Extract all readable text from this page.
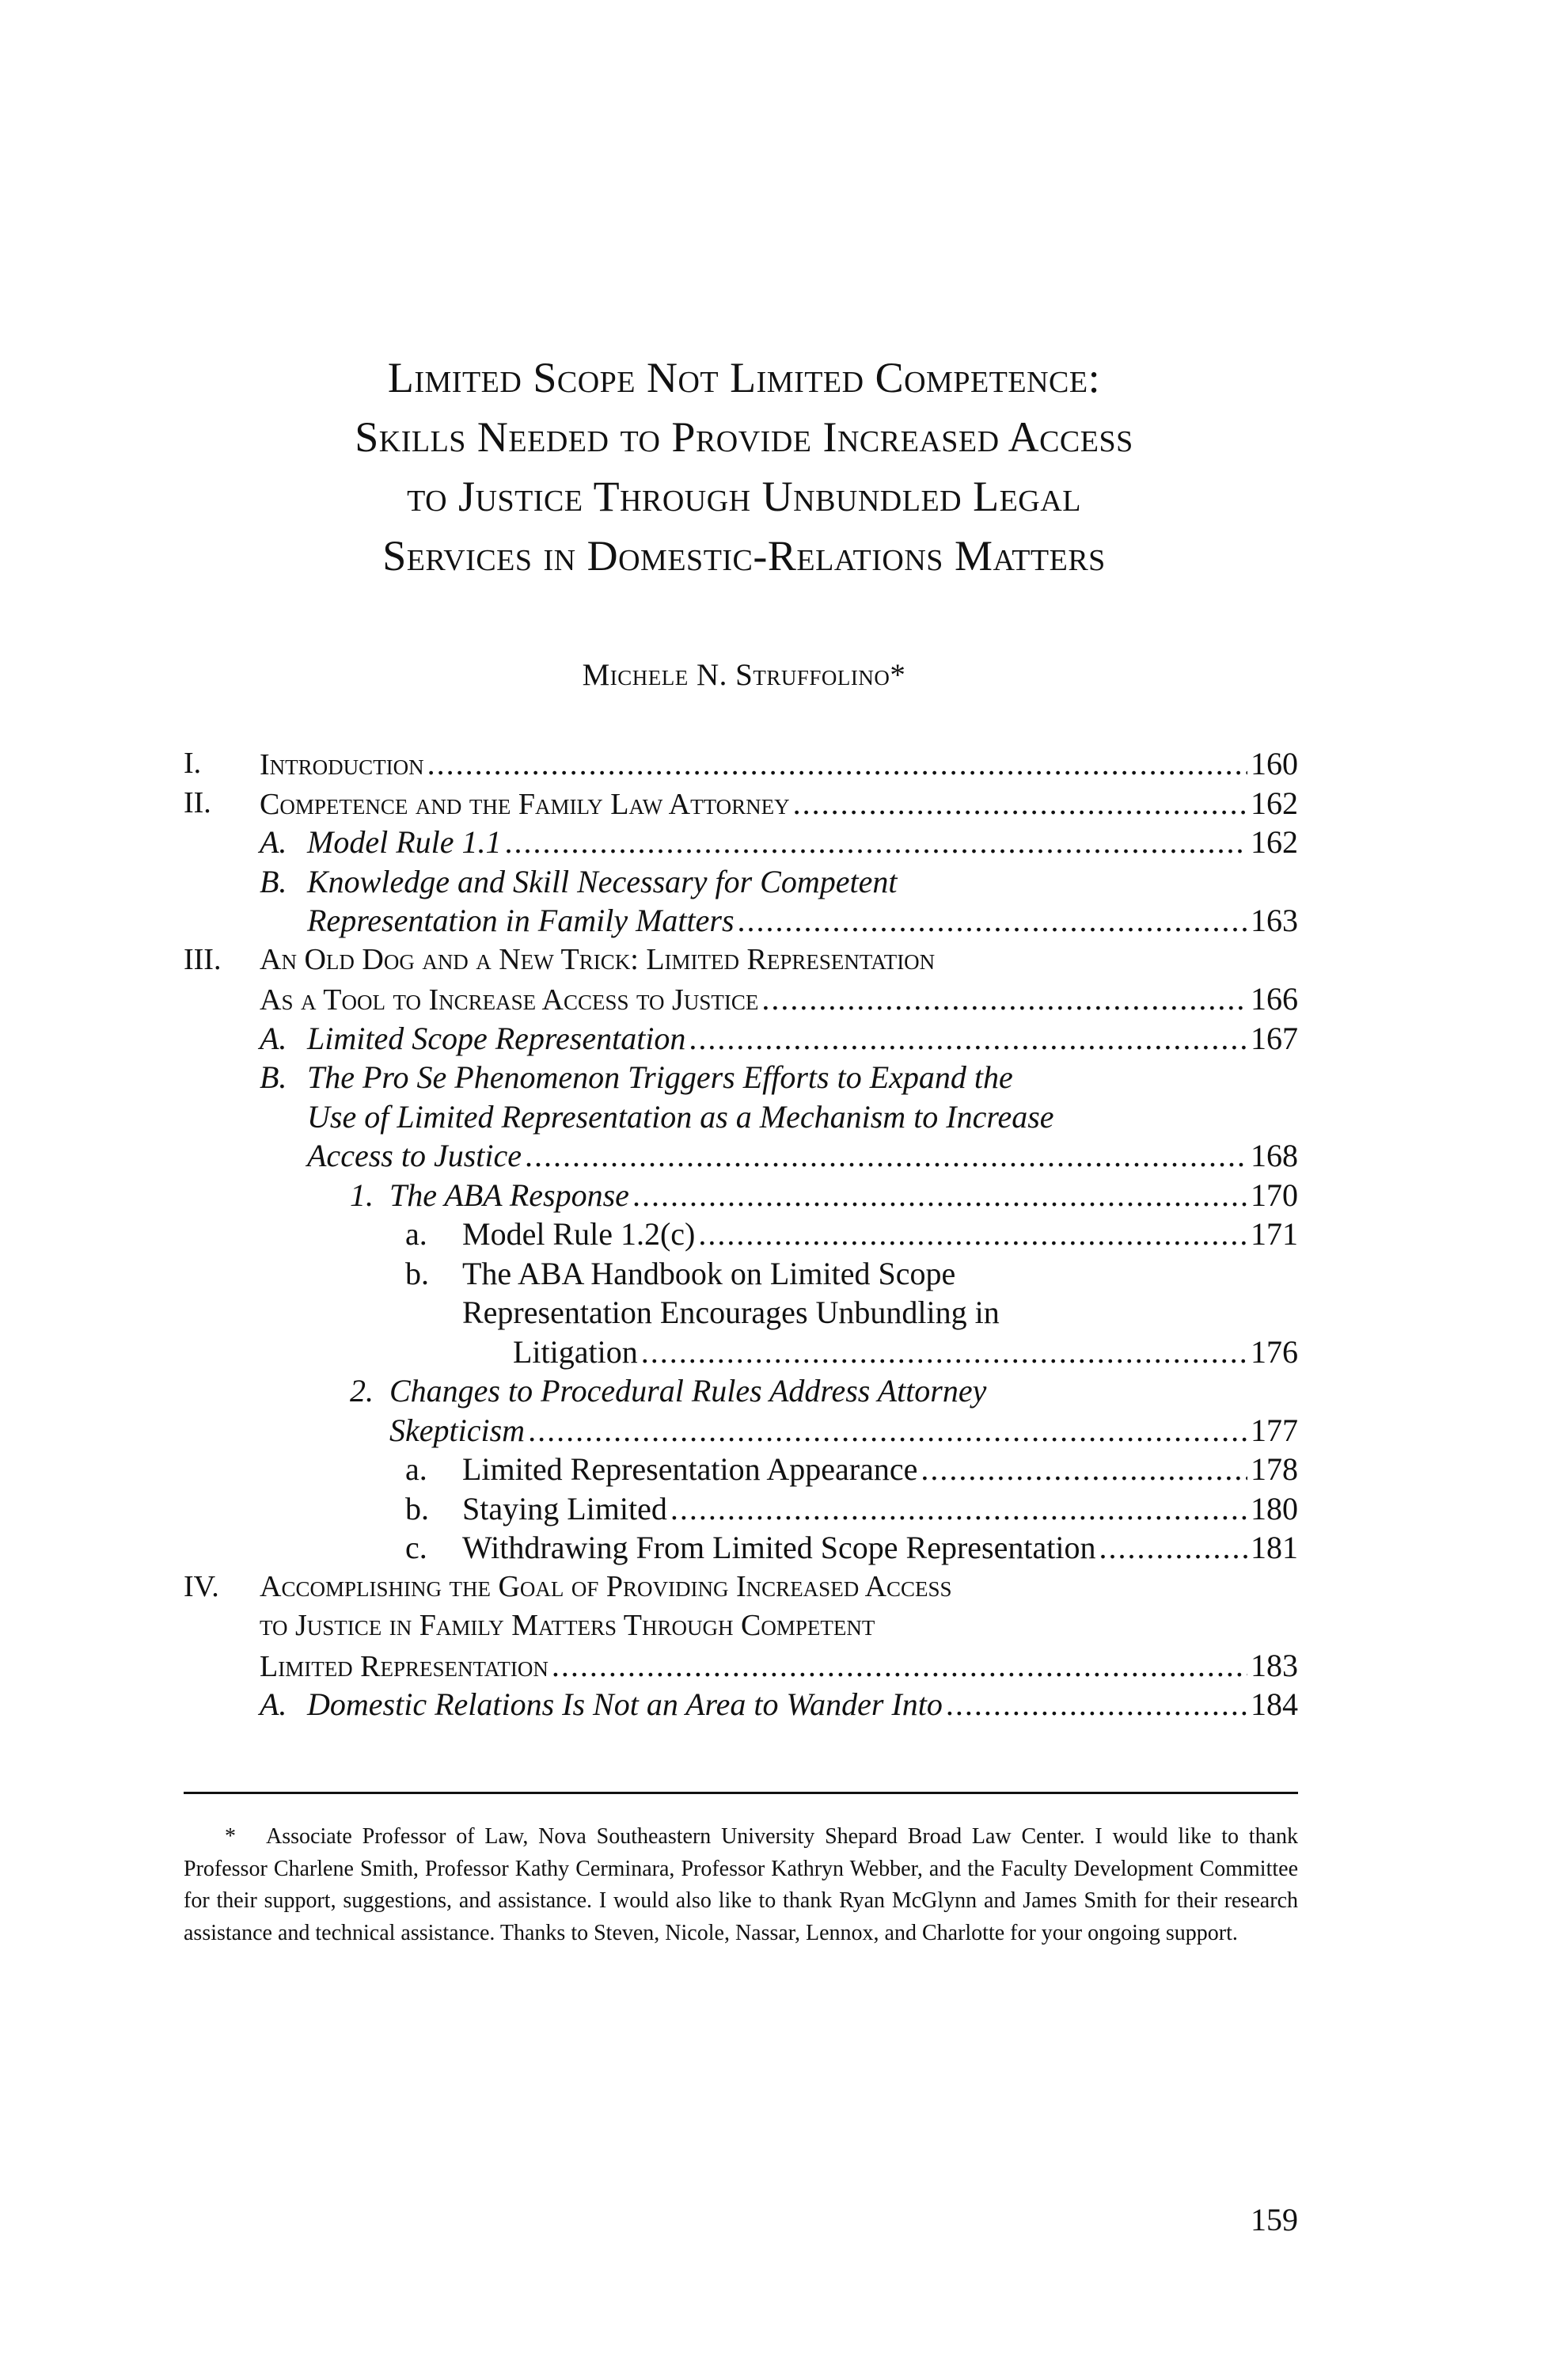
Limited Scope Not Limited Competence:
Skills Needed to Provide Increased Access
to Justice Through Unbundled Legal
Services in Domestic-Relations Matters
Michele N. Struffolino*
I. Introduction .....	160
II. Competence and the Family Law Attorney .....	162
A. Model Rule 1.1 .....	162
B. Knowledge and Skill Necessary for Competent
Representation in Family Matters .....	163
III. An Old Dog and a New Trick: Limited Representation
As a Tool to Increase Access to Justice .....	166
A. Limited Scope Representation .....	167
B. The Pro Se Phenomenon Triggers Efforts to Expand the
Use of Limited Representation as a Mechanism to Increase
Access to Justice .....	168
1. The ABA Response .....	170
a. Model Rule 1.2(c) .....	171
b. The ABA Handbook on Limited Scope
Representation Encourages Unbundling in
Litigation .....	176
2. Changes to Procedural Rules Address Attorney
Skepticism .....	177
a. Limited Representation Appearance .....	178
b. Staying Limited .....	180
c. Withdrawing From Limited Scope Representation .....	181
IV. Accomplishing the Goal of Providing Increased Access
to Justice in Family Matters Through Competent
Limited Representation .....	183
A. Domestic Relations Is Not an Area to Wander Into .....	184
* Associate Professor of Law, Nova Southeastern University Shepard Broad Law Center. I would like to thank Professor Charlene Smith, Professor Kathy Cerminara, Professor Kathryn Webber, and the Faculty Development Committee for their support, suggestions, and assistance. I would also like to thank Ryan McGlynn and James Smith for their research assistance and technical assistance. Thanks to Steven, Nicole, Nassar, Lennox, and Charlotte for your ongoing support.
159
